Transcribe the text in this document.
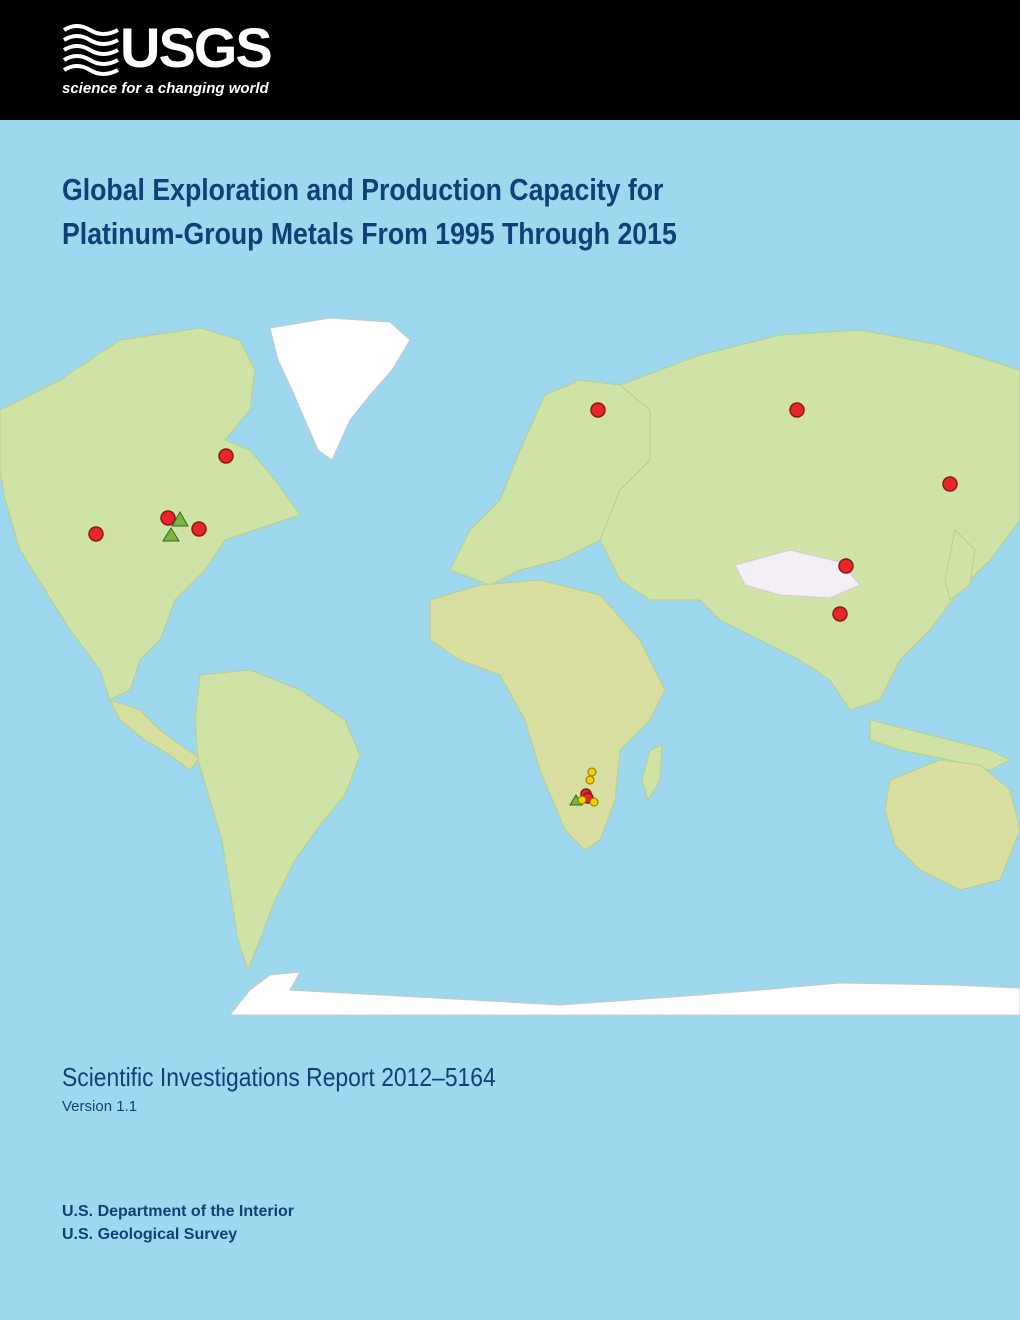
USGS
science for a changing world
Global Exploration and Production Capacity for
Platinum-Group Metals From 1995 Through 2015
Scientific Investigations Report 2012–5164
Version 1.1
U.S. Department of the Interior
U.S. Geological Survey
